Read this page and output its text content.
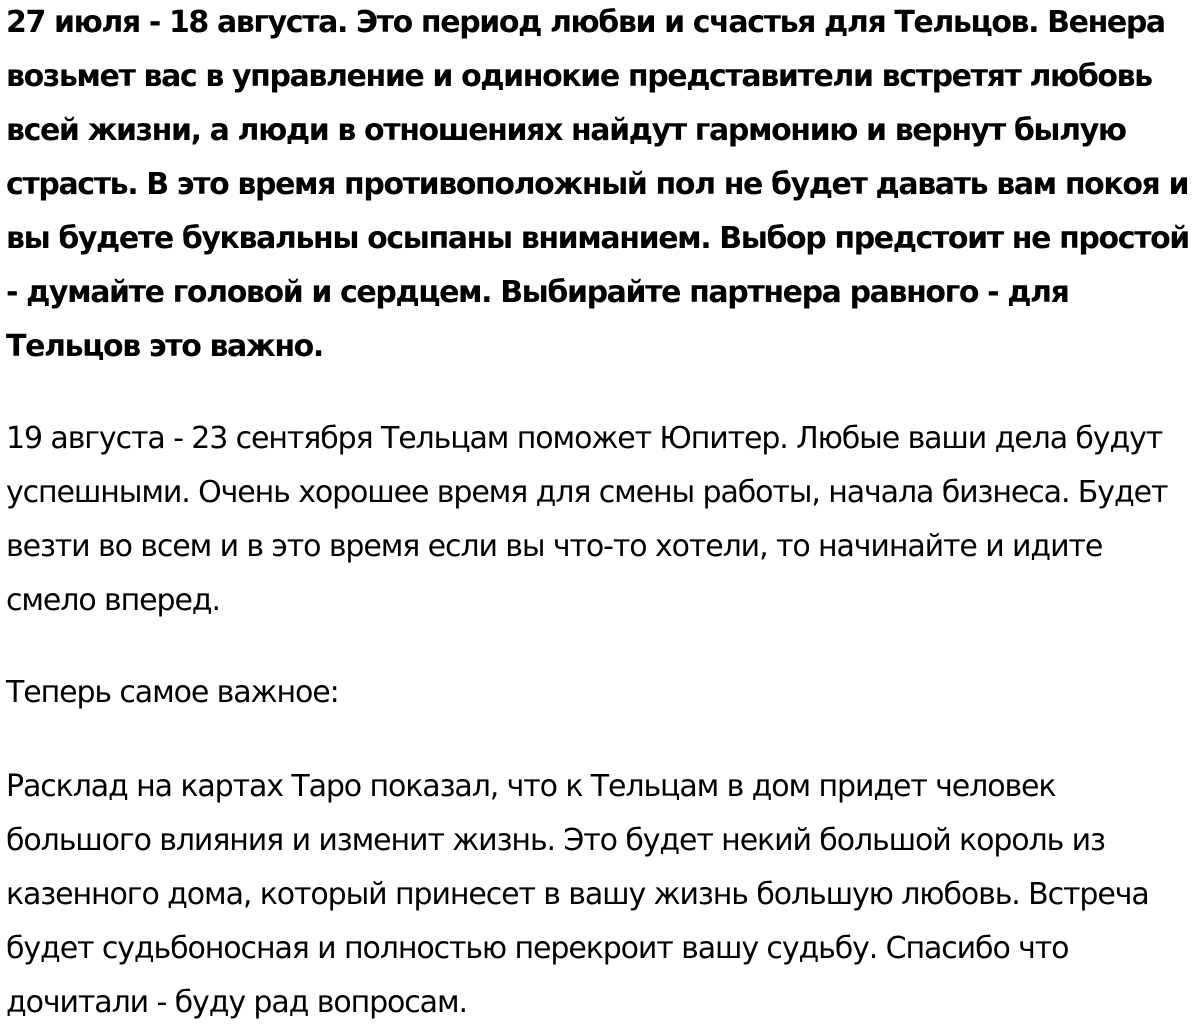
27 июля - 18 августа. Это период любви и счастья для Тельцов. Венера возьмет вас в управление и одинокие представители встретят любовь всей жизни, а люди в отношениях найдут гармонию и вернут былую страсть. В это время противоположный пол не будет давать вам покоя и вы будете буквальны осыпаны вниманием. Выбор предстоит не простой - думайте головой и сердцем. Выбирайте партнера равного - для Тельцов это важно.

19 августа - 23 сентября Тельцам поможет Юпитер. Любые ваши дела будут успешными. Очень хорошее время для смены работы, начала бизнеса. Будет везти во всем и в это время если вы что-то хотели, то начинайте и идите смело вперед.

Теперь самое важное:

Расклад на картах Таро показал, что к Тельцам в дом придет человек большого влияния и изменит жизнь. Это будет некий большой король из казенного дома, который принесет в вашу жизнь большую любовь. Встреча будет судьбоносная и полностью перекроит вашу судьбу. Спасибо что дочитали - буду рад вопросам.
